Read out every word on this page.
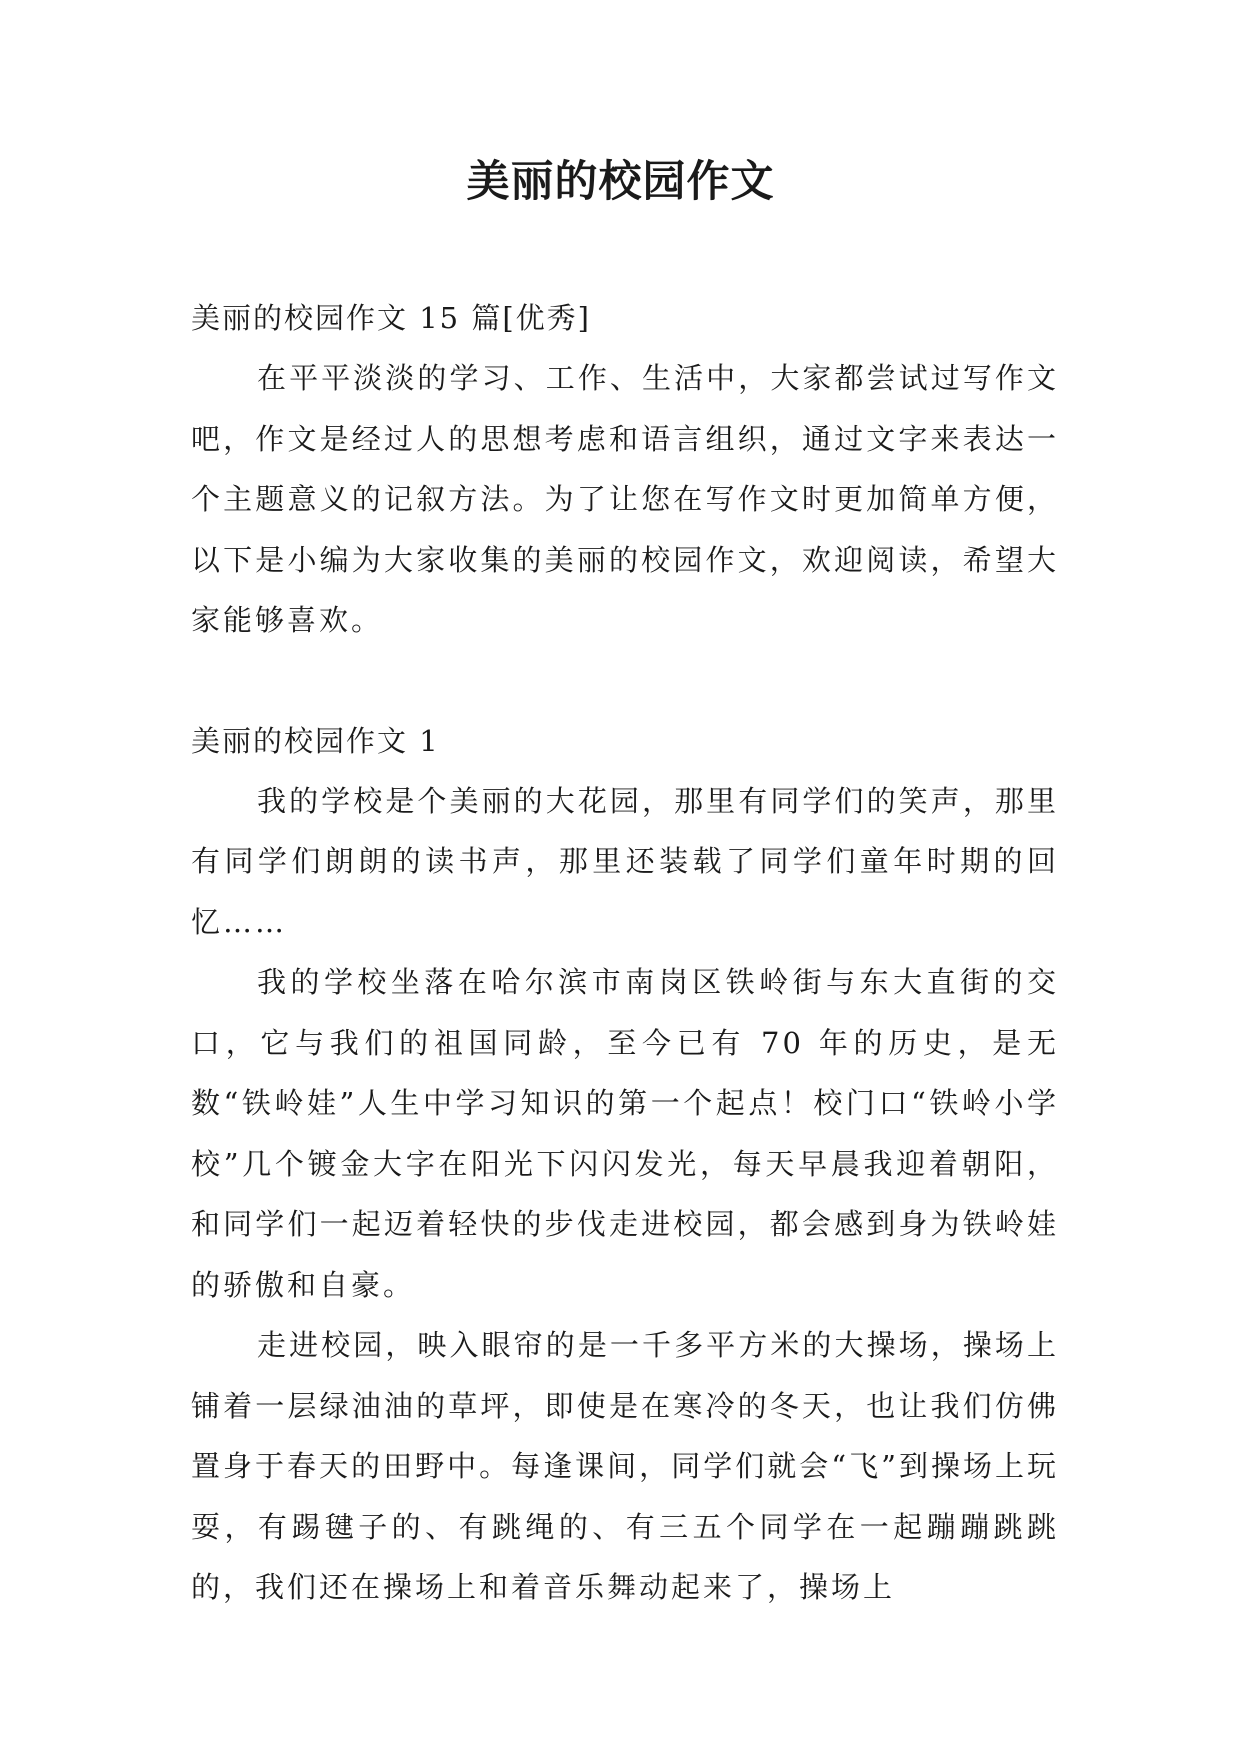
美丽的校园作文

美丽的校园作文 15 篇[优秀]

在平平淡淡的学习、工作、生活中，大家都尝试过写作文吧，作文是经过人的思想考虑和语言组织，通过文字来表达一个主题意义的记叙方法。为了让您在写作文时更加简单方便，以下是小编为大家收集的美丽的校园作文，欢迎阅读，希望大家能够喜欢。

美丽的校园作文 1

我的学校是个美丽的大花园，那里有同学们的笑声，那里有同学们朗朗的读书声，那里还装载了同学们童年时期的回忆……

我的学校坐落在哈尔滨市南岗区铁岭街与东大直街的交口，它与我们的祖国同龄，至今已有 70 年的历史，是无数“铁岭娃”人生中学习知识的第一个起点！校门口“铁岭小学校”几个镀金大字在阳光下闪闪发光，每天早晨我迎着朝阳，和同学们一起迈着轻快的步伐走进校园，都会感到身为铁岭娃的骄傲和自豪。

走进校园，映入眼帘的是一千多平方米的大操场，操场上铺着一层绿油油的草坪，即使是在寒冷的冬天，也让我们仿佛置身于春天的田野中。每逢课间，同学们就会“飞”到操场上玩耍，有踢毽子的、有跳绳的、有三五个同学在一起蹦蹦跳跳的，我们还在操场上和着音乐舞动起来了，操场上
